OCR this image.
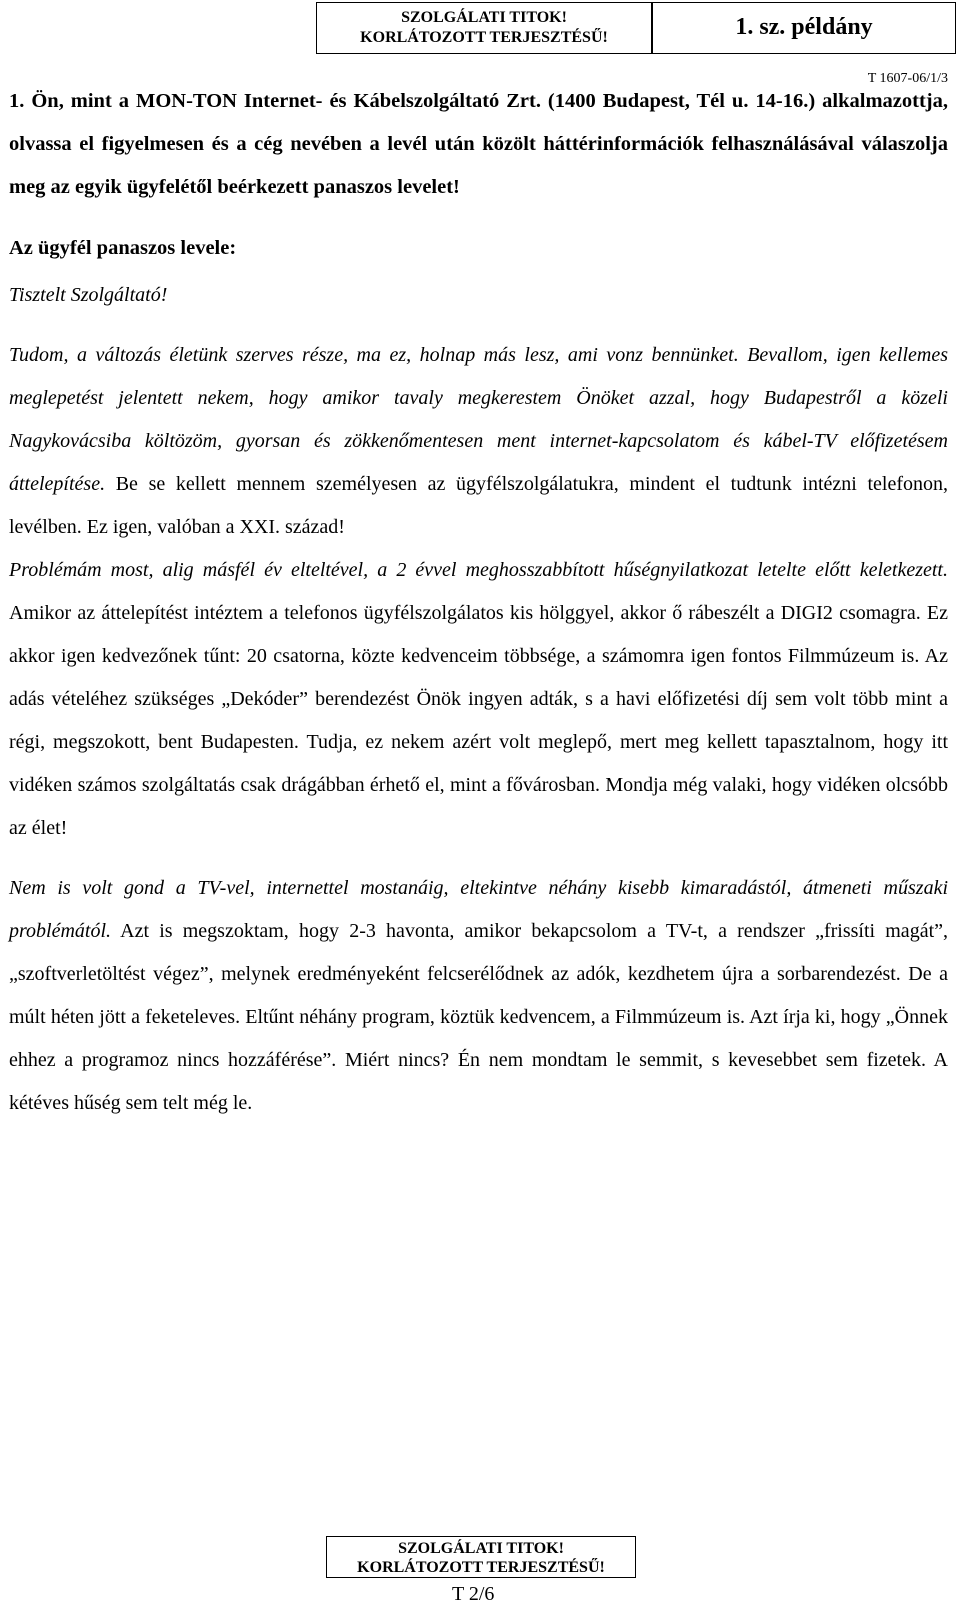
SZOLGÁLATI TITOK!
KORLÁTOZOTT TERJESZTÉSŰ!	1. sz. példány
T 1607-06/1/3

1. Ön, mint a MON-TON Internet- és Kábelszolgáltató Zrt. (1400 Budapest, Tél u. 14-16.) alkalmazottja, olvassa el figyelmesen és a cég nevében a levél után közölt háttérinformációk felhasználásával válaszolja meg az egyik ügyfelétől beérkezett panaszos levelet!

Az ügyfél panaszos levele:

Tisztelt Szolgáltató!

Tudom, a változás életünk szerves része, ma ez, holnap más lesz, ami vonz bennünket. Bevallom, igen kellemes meglepetést jelentett nekem, hogy amikor tavaly megkerestem Önöket azzal, hogy Budapestről a közeli Nagykovácsiba költözöm, gyorsan és zökkenőmentesen ment internet-kapcsolatom és kábel-TV előfizetésem áttelepítése. Be se kellett mennem személyesen az ügyfélszolgálatukra, mindent el tudtunk intézni telefonon, levélben. Ez igen, valóban a XXI. század!

Problémám most, alig másfél év elteltével, a 2 évvel meghosszabbított hűségnyilatkozat letelte előtt keletkezett. Amikor az áttelepítést intéztem a telefonos ügyfélszolgálatos kis hölggyel, akkor ő rábeszélt a DIGI2 csomagra. Ez akkor igen kedvezőnek tűnt: 20 csatorna, közte kedvenceim többsége, a számomra igen fontos Filmmúzeum is. Az adás vételéhez szükséges „Dekóder” berendezést Önök ingyen adták, s a havi előfizetési díj sem volt több mint a régi, megszokott, bent Budapesten. Tudja, ez nekem azért volt meglepő, mert meg kellett tapasztalnom, hogy itt vidéken számos szolgáltatás csak drágábban érhető el, mint a fővárosban. Mondja még valaki, hogy vidéken olcsóbb az élet!

Nem is volt gond a TV-vel, internettel mostanáig, eltekintve néhány kisebb kimaradástól, átmeneti műszaki problémától. Azt is megszoktam, hogy 2-3 havonta, amikor bekapcsolom a TV-t, a rendszer „frissíti magát”, „szoftverletöltést végez”, melynek eredményeként felcserélődnek az adók, kezdhetem újra a sorbarendezést. De a múlt héten jött a feketeleves. Eltűnt néhány program, köztük kedvencem, a Filmmúzeum is. Azt írja ki, hogy „Önnek ehhez a programoz nincs hozzáférése”. Miért nincs? Én nem mondtam le semmit, s kevesebbet sem fizetek. A kétéves hűség sem telt még le.

SZOLGÁLATI TITOK!
KORLÁTOZOTT TERJESZTÉSŰ!
T 2/6
